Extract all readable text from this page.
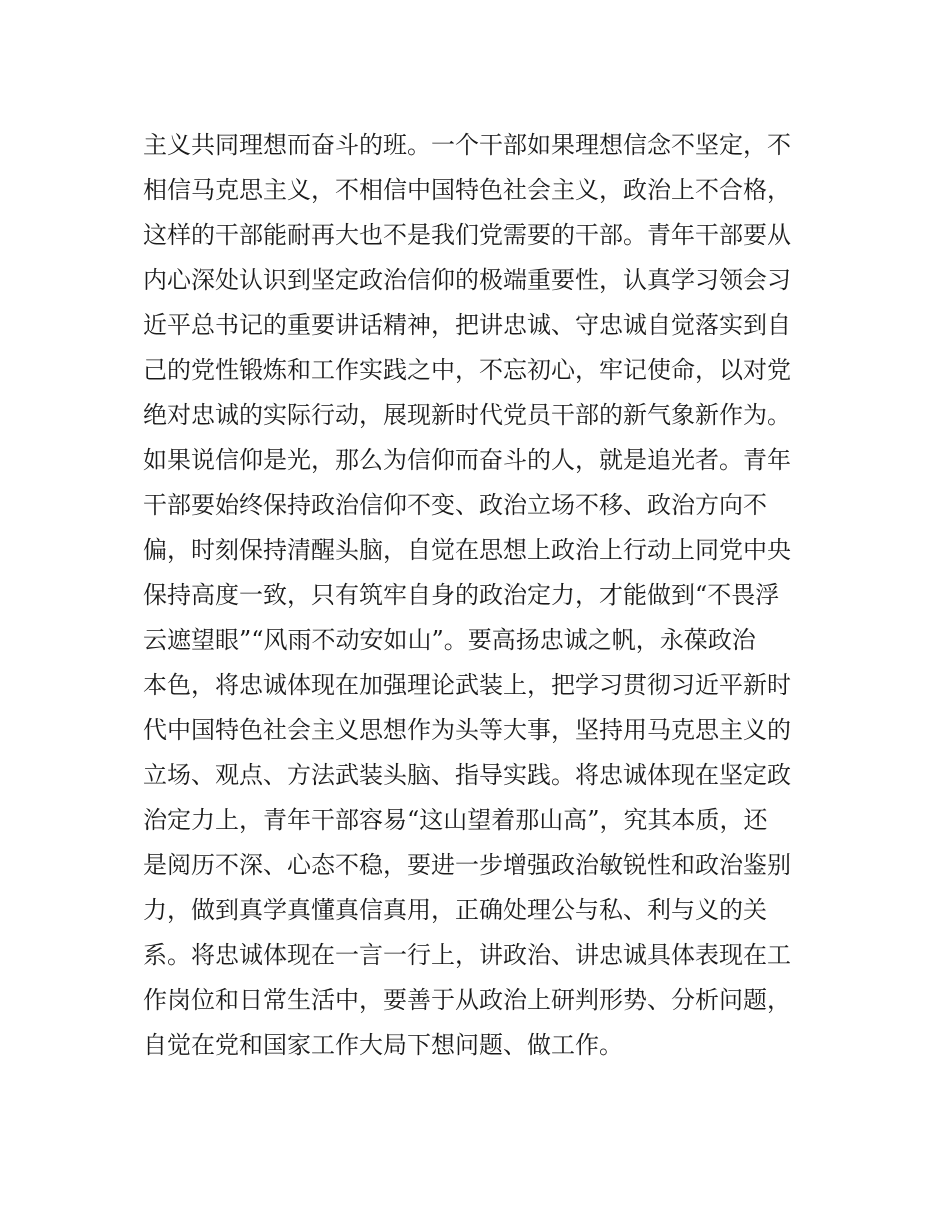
主义共同理想而奋斗的班。一个干部如果理想信念不坚定，不
相信马克思主义，不相信中国特色社会主义，政治上不合格，
这样的干部能耐再大也不是我们党需要的干部。青年干部要从
内心深处认识到坚定政治信仰的极端重要性，认真学习领会习
近平总书记的重要讲话精神，把讲忠诚、守忠诚自觉落实到自
己的党性锻炼和工作实践之中，不忘初心，牢记使命，以对党
绝对忠诚的实际行动，展现新时代党员干部的新气象新作为。
如果说信仰是光，那么为信仰而奋斗的人，就是追光者。青年
干部要始终保持政治信仰不变、政治立场不移、政治方向不
偏，时刻保持清醒头脑，自觉在思想上政治上行动上同党中央
保持高度一致，只有筑牢自身的政治定力，才能做到“不畏浮
云遮望眼”“风雨不动安如山”。要高扬忠诚之帆，永葆政治
本色，将忠诚体现在加强理论武装上，把学习贯彻习近平新时
代中国特色社会主义思想作为头等大事，坚持用马克思主义的
立场、观点、方法武装头脑、指导实践。将忠诚体现在坚定政
治定力上，青年干部容易“这山望着那山高”，究其本质，还
是阅历不深、心态不稳，要进一步增强政治敏锐性和政治鉴别
力，做到真学真懂真信真用，正确处理公与私、利与义的关
系。将忠诚体现在一言一行上，讲政治、讲忠诚具体表现在工
作岗位和日常生活中，要善于从政治上研判形势、分析问题，
自觉在党和国家工作大局下想问题、做工作。
